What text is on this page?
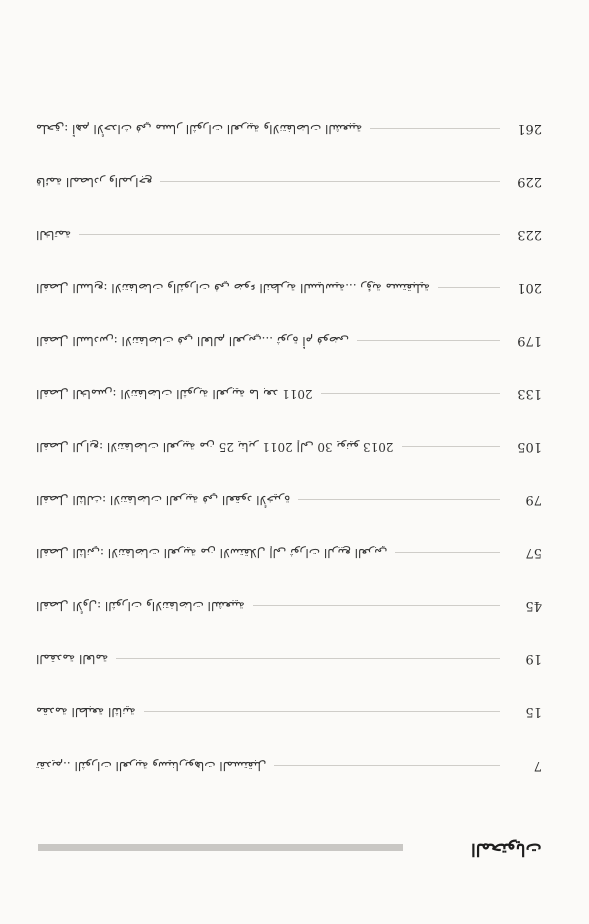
المحتويات
تقديم.. الثورات العربية وسيناريوهات المستقبل	7
مقدمة الطبعة الثانية	15
المقدمة العامة	19
الفصل الأول: الثورات والانتفاضات الشعبية	45
الفصل الثاني: الانتفاضات العربية من الاستقلال إلى ثورات الربيع العربي	57
الفصل الثالث: الانتفاضات العربية في العقود الأخيرة	79
الفصل الرابع: الانتفاضات العربية من 25 يناير 2011 إلى 30 يونيو 2013	105
الفصل الخامس: الانتفاضات الثورية العربية ما بعد 2011	133
الفصل السادس: الانتفاضات في العالم العربي... ثورة أم فوضى	179
الفصل السابع: الانتفاضات والثورات في ضوء النظرية السياسية... رؤية مستقبلية	201
الخاتمة	223
قائمة المصادر والمراجع	229
ملحق: أهم الأحداث في مسار الثورات العربية والانتفاضات الشعبية	261
